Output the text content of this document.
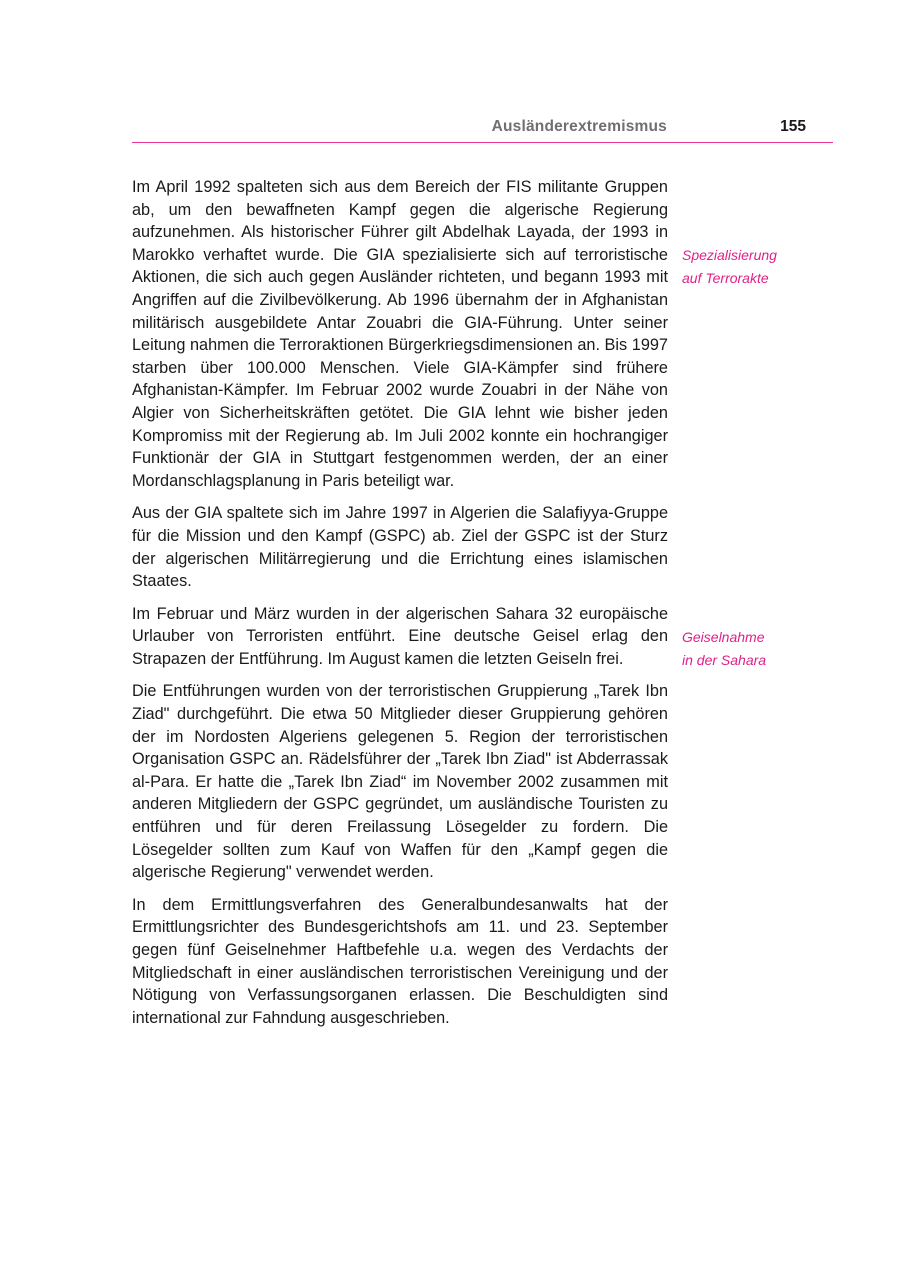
Ausländerextremismus	155

Im April 1992 spalteten sich aus dem Bereich der FIS militante Gruppen ab, um den bewaffneten Kampf gegen die algerische Regierung aufzunehmen. Als historischer Führer gilt Abdelhak Layada, der 1993 in Marokko verhaftet wurde. Die GIA spezialisierte sich auf terroristische Aktionen, die sich auch gegen Ausländer richteten, und begann 1993 mit Angriffen auf die Zivilbevölkerung. Ab 1996 übernahm der in Afghanistan militärisch ausgebildete Antar Zouabri die GIA-Führung. Unter seiner Leitung nahmen die Terroraktionen Bürgerkriegsdimensionen an. Bis 1997 starben über 100.000 Menschen. Viele GIA-Kämpfer sind frühere Afghanistan-Kämpfer. Im Februar 2002 wurde Zouabri in der Nähe von Algier von Sicherheitskräften getötet. Die GIA lehnt wie bisher jeden Kompromiss mit der Regierung ab. Im Juli 2002 konnte ein hochrangiger Funktionär der GIA in Stuttgart festgenommen werden, der an einer Mordanschlagsplanung in Paris beteiligt war.

Aus der GIA spaltete sich im Jahre 1997 in Algerien die Salafiyya-Gruppe für die Mission und den Kampf (GSPC) ab. Ziel der GSPC ist der Sturz der algerischen Militärregierung und die Errichtung eines islamischen Staates.

Im Februar und März wurden in der algerischen Sahara 32 europäische Urlauber von Terroristen entführt. Eine deutsche Geisel erlag den Strapazen der Entführung. Im August kamen die letzten Geiseln frei.

Die Entführungen wurden von der terroristischen Gruppierung „Tarek Ibn Ziad" durchgeführt. Die etwa 50 Mitglieder dieser Gruppierung gehören der im Nordosten Algeriens gelegenen 5. Region der terroristischen Organisation GSPC an. Rädelsführer der „Tarek Ibn Ziad" ist Abderrassak al-Para. Er hatte die „Tarek Ibn Ziad“ im November 2002 zusammen mit anderen Mitgliedern der GSPC gegründet, um ausländische Touristen zu entführen und für deren Freilassung Lösegelder zu fordern. Die Lösegelder sollten zum Kauf von Waffen für den „Kampf gegen die algerische Regierung" verwendet werden.

In dem Ermittlungsverfahren des Generalbundesanwalts hat der Ermittlungsrichter des Bundesgerichtshofs am 11. und 23. September gegen fünf Geiselnehmer Haftbefehle u.a. wegen des Verdachts der Mitgliedschaft in einer ausländischen terroristischen Vereinigung und der Nötigung von Verfassungsorganen erlassen. Die Beschuldigten sind international zur Fahndung ausgeschrieben.

Spezialisierung
auf Terrorakte
Geiselnahme
in der Sahara
